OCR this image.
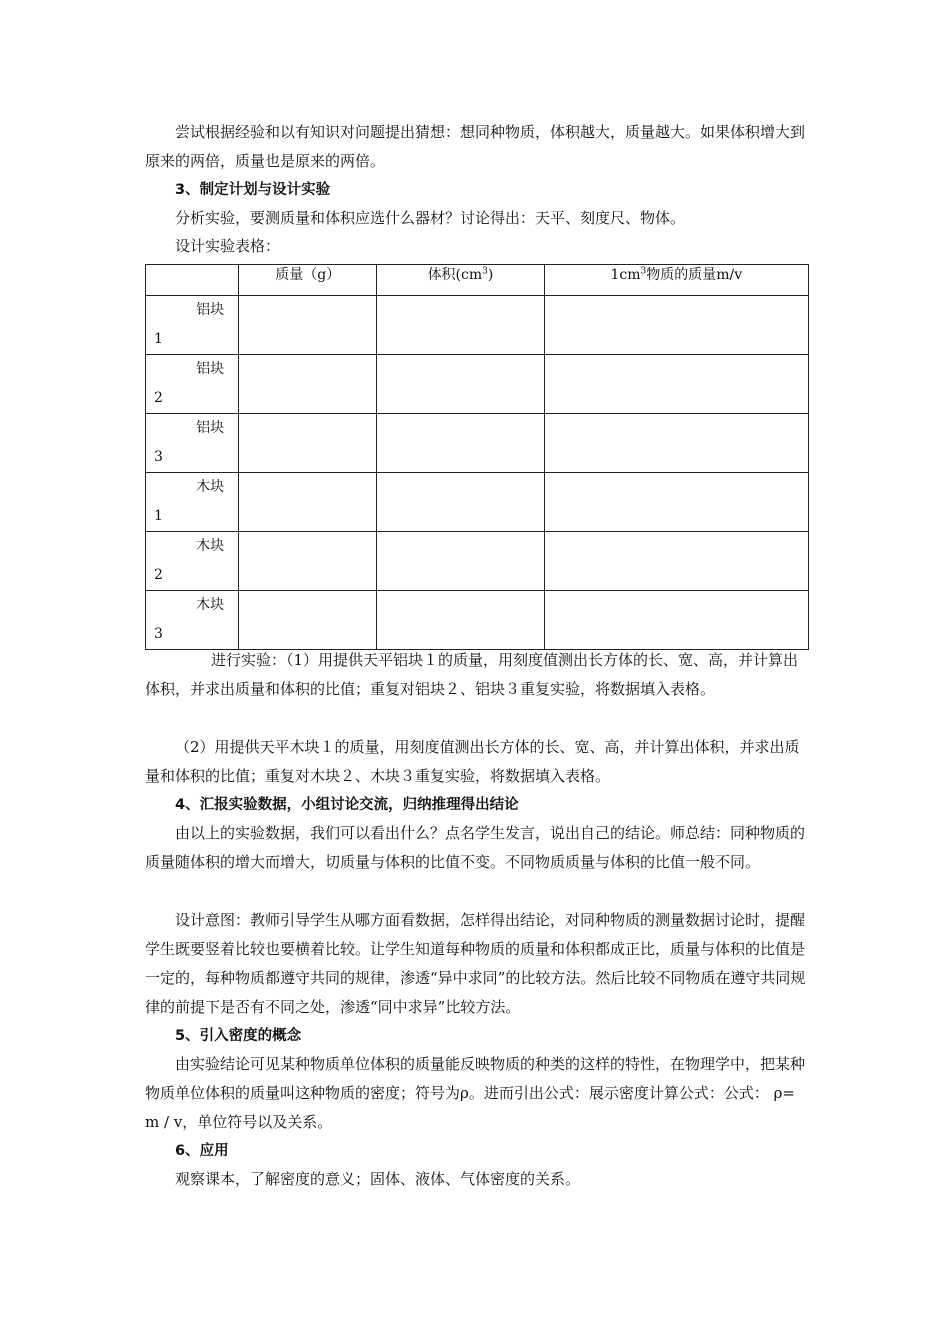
尝试根据经验和以有知识对问题提出猜想：想同种物质，体积越大，质量越大。如果体积增大到原来的两倍，质量也是原来的两倍。
3、制定计划与设计实验
分析实验，要测质量和体积应选什么器材？讨论得出：天平、刻度尺、物体。
设计实验表格：
	质量（g）	体积$(cm^3)$	$1cm^3$物质的质量m/v

铝块
1			

铝块
2			

铝块
3			

木块
1			

木块
2			

木块
3			

进行实验：（1）用提供天平铝块１的质量，用刻度值测出长方体的长、宽、高，并计算出体积，并求出质量和体积的比值；重复对铝块２、铝块３重复实验，将数据填入表格。
（2）用提供天平木块１的质量，用刻度值测出长方体的长、宽、高，并计算出体积，并求出质量和体积的比值；重复对木块２、木块３重复实验，将数据填入表格。
4、汇报实验数据，小组讨论交流，归纳推理得出结论
由以上的实验数据，我们可以看出什么？点名学生发言，说出自己的结论。师总结：同种物质的质量随体积的增大而增大，切质量与体积的比值不变。不同物质质量与体积的比值一般不同。
设计意图：教师引导学生从哪方面看数据，怎样得出结论，对同种物质的测量数据讨论时，提醒学生既要竖着比较也要横着比较。让学生知道每种物质的质量和体积都成正比，质量与体积的比值是一定的，每种物质都遵守共同的规律，渗透“异中求同”的比较方法。然后比较不同物质在遵守共同规律的前提下是否有不同之处，渗透“同中求异”比较方法。
5、引入密度的概念
由实验结论可见某种物质单位体积的质量能反映物质的种类的这样的特性，在物理学中，把某种物质单位体积的质量叫这种物质的密度；符号为ρ。进而引出公式：展示密度计算公式：公式： ρ= m / v，单位符号以及关系。
6、应用
观察课本，了解密度的意义；固体、液体、气体密度的关系。
